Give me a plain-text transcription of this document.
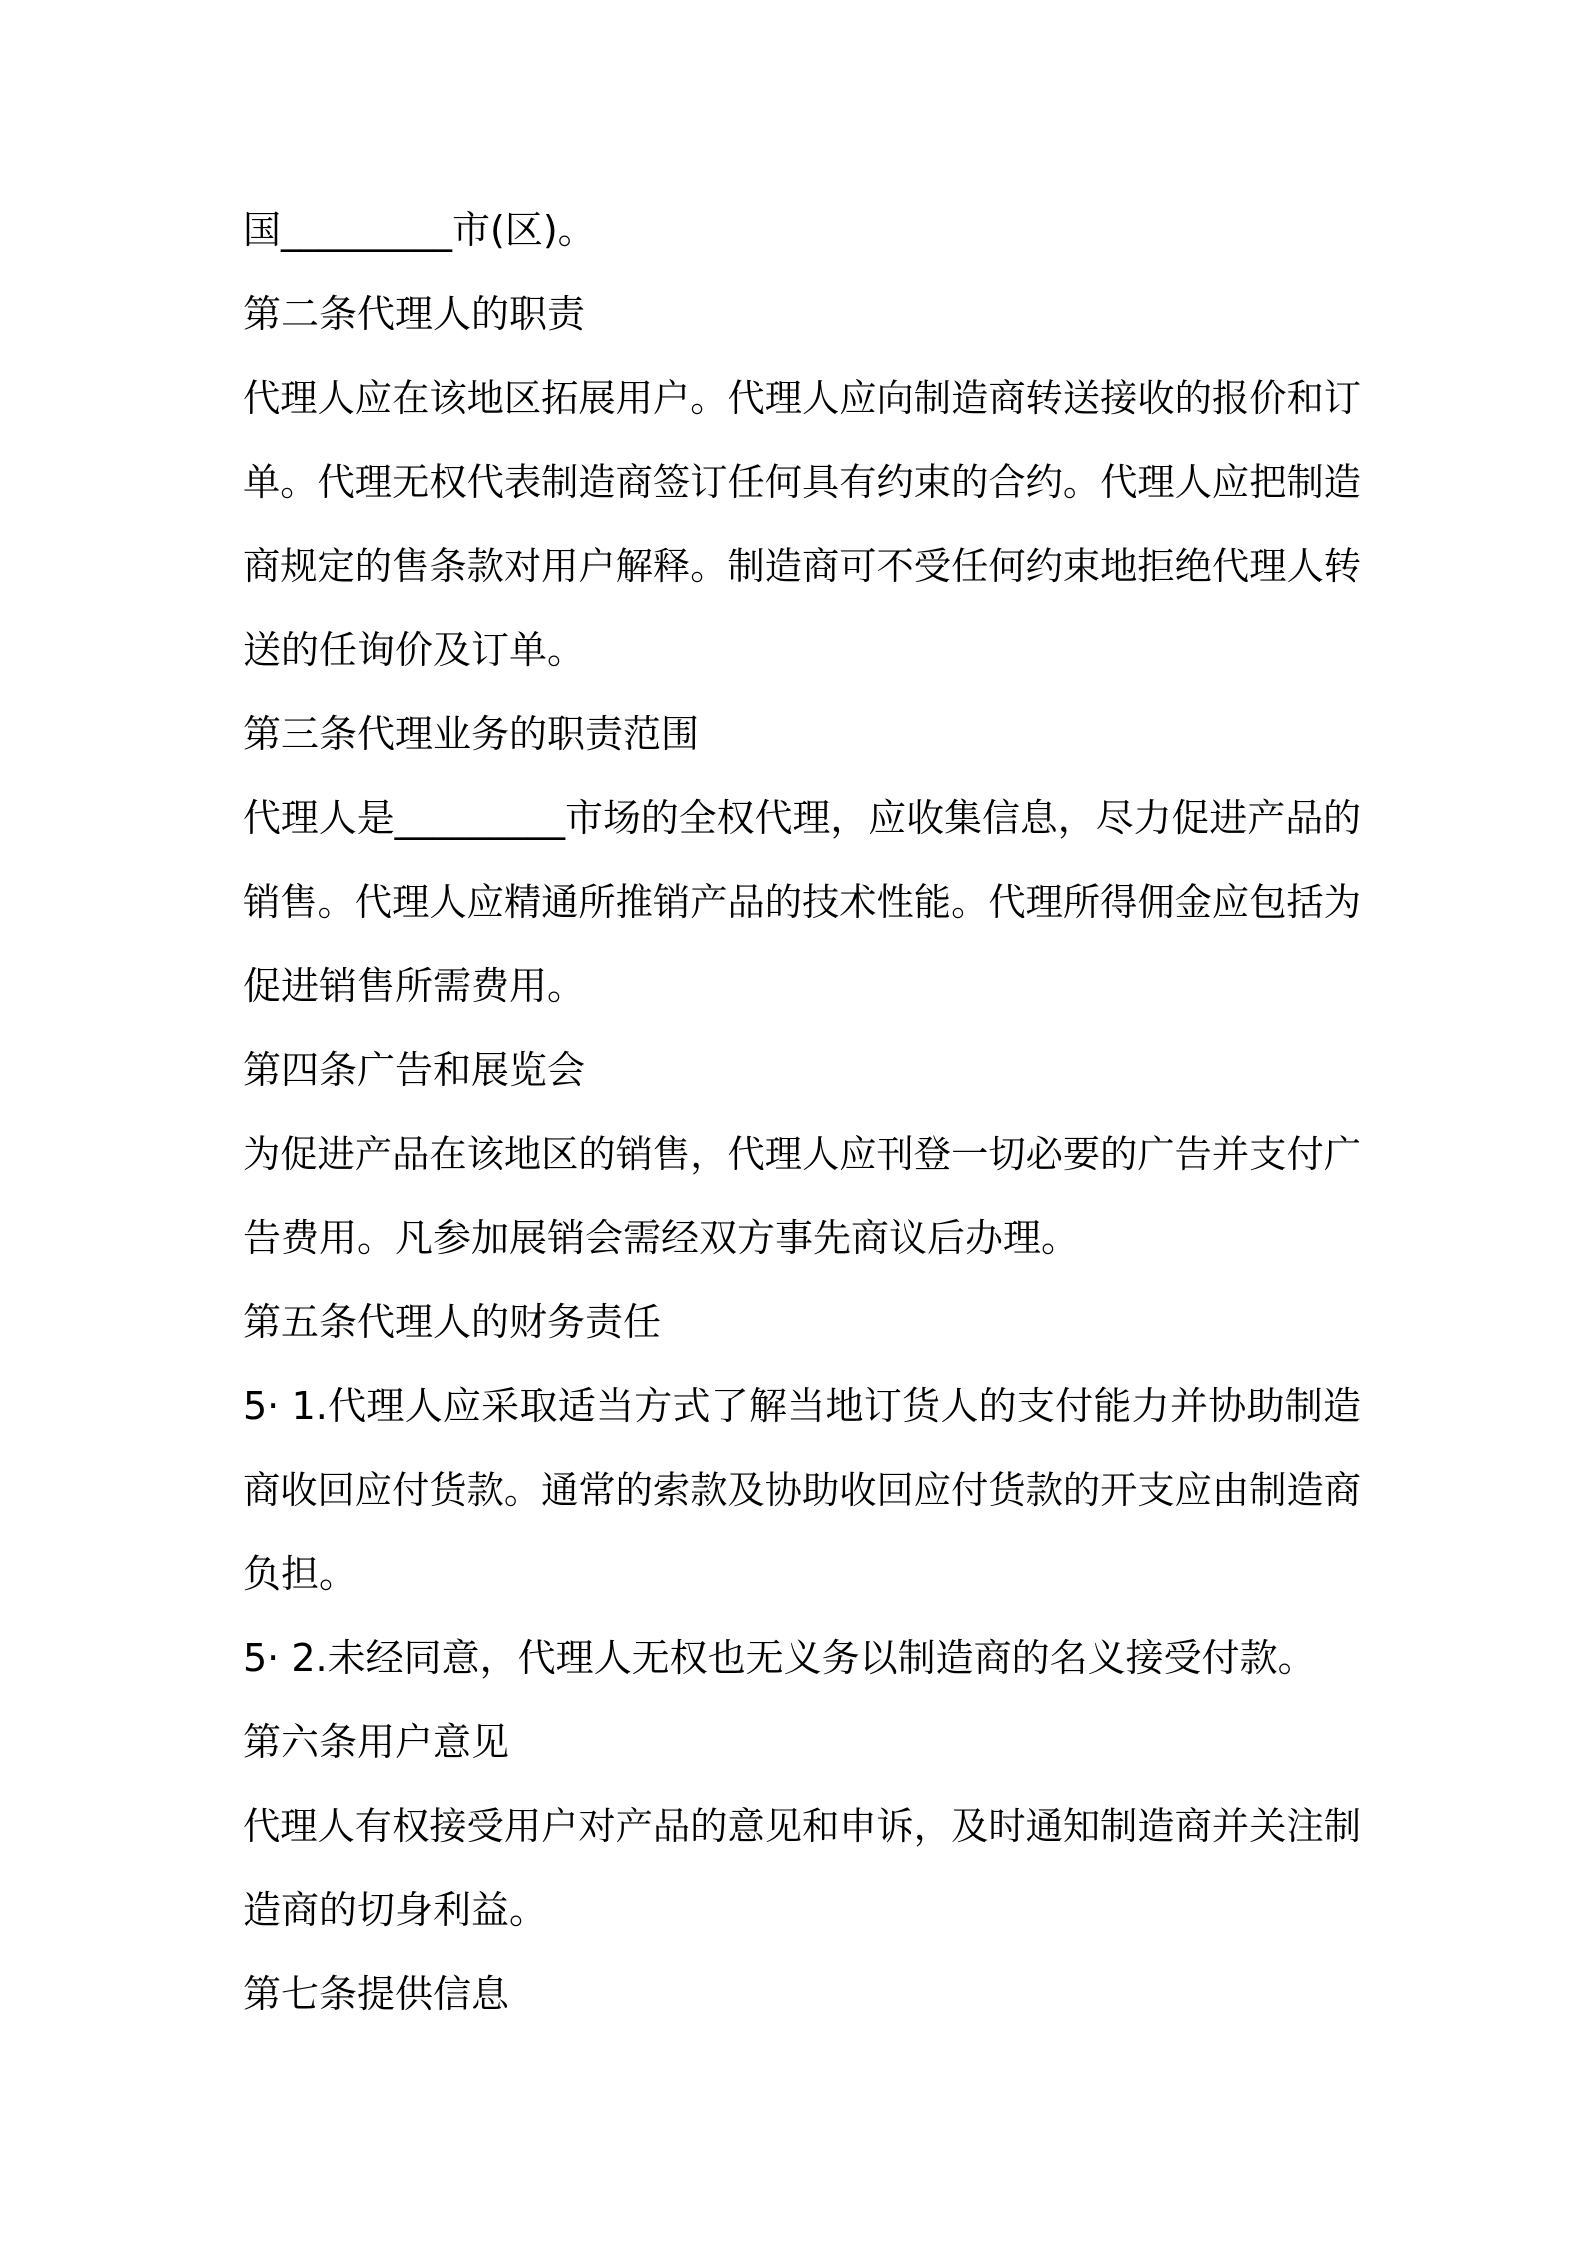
国_________市(区)。
第二条代理人的职责
代理人应在该地区拓展用户。代理人应向制造商转送接收的报价和订
单。代理无权代表制造商签订任何具有约束的合约。代理人应把制造
商规定的售条款对用户解释。制造商可不受任何约束地拒绝代理人转
送的任询价及订单。
第三条代理业务的职责范围
代理人是_________市场的全权代理，应收集信息，尽力促进产品的
销售。代理人应精通所推销产品的技术性能。代理所得佣金应包括为
促进销售所需费用。
第四条广告和展览会
为促进产品在该地区的销售，代理人应刊登一切必要的广告并支付广
告费用。凡参加展销会需经双方事先商议后办理。
第五条代理人的财务责任
5· 1.代理人应采取适当方式了解当地订货人的支付能力并协助制造
商收回应付货款。通常的索款及协助收回应付货款的开支应由制造商
负担。
5· 2.未经同意，代理人无权也无义务以制造商的名义接受付款。
第六条用户意见
代理人有权接受用户对产品的意见和申诉，及时通知制造商并关注制
造商的切身利益。
第七条提供信息
